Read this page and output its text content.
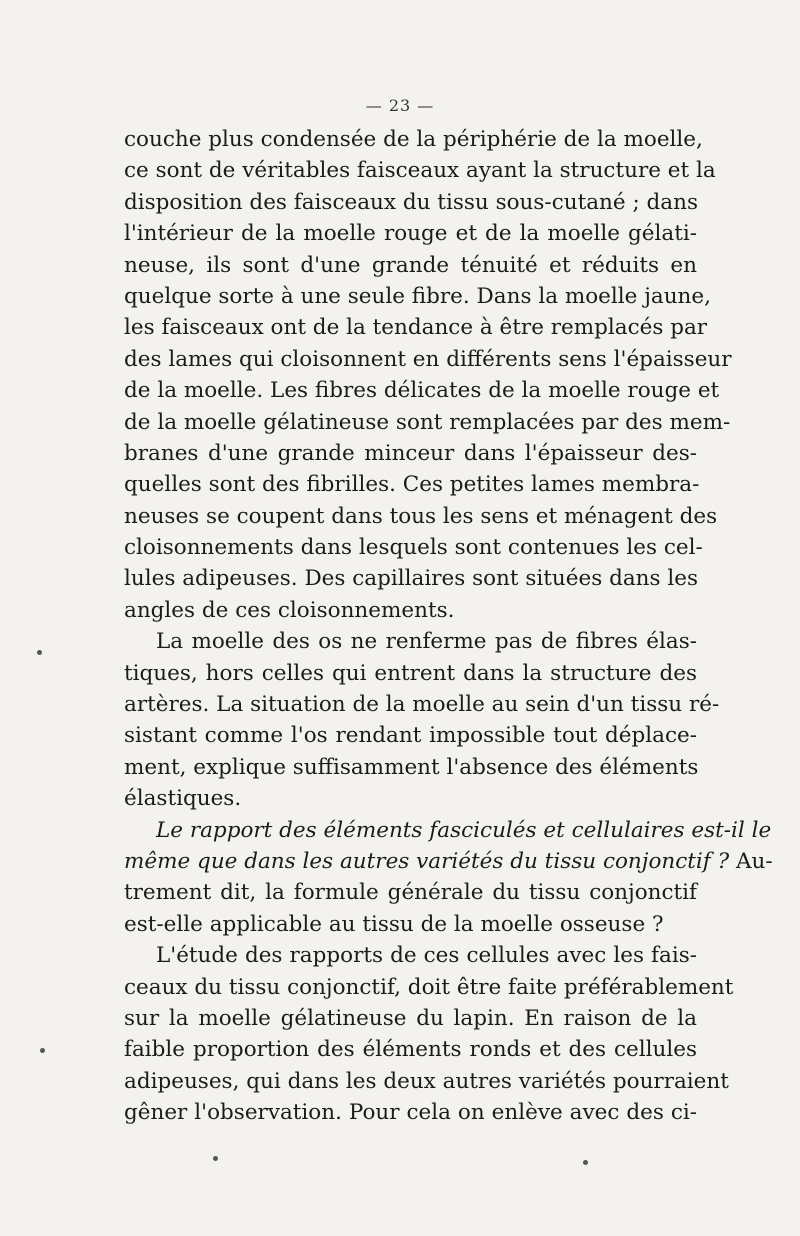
— 23 —
couche plus condensée de la périphérie de la moelle,
ce sont de véritables faisceaux ayant la structure et la
disposition des faisceaux du tissu sous-cutané ; dans
l'intérieur de la moelle rouge et de la moelle gélati-
neuse, ils sont d'une grande ténuité et réduits en
quelque sorte à une seule fibre. Dans la moelle jaune,
les faisceaux ont de la tendance à être remplacés par
des lames qui cloisonnent en différents sens l'épaisseur
de la moelle. Les fibres délicates de la moelle rouge et
de la moelle gélatineuse sont remplacées par des mem-
branes d'une grande minceur dans l'épaisseur des-
quelles sont des fibrilles. Ces petites lames membra-
neuses se coupent dans tous les sens et ménagent des
cloisonnements dans lesquels sont contenues les cel-
lules adipeuses. Des capillaires sont situées dans les
angles de ces cloisonnements.
La moelle des os ne renferme pas de fibres élas-
tiques, hors celles qui entrent dans la structure des
artères. La situation de la moelle au sein d'un tissu ré-
sistant comme l'os rendant impossible tout déplace-
ment, explique suffisamment l'absence des éléments
élastiques.
Le rapport des éléments fasciculés et cellulaires est-il le
même que dans les autres variétés du tissu conjonctif ? Au-
trement dit, la formule générale du tissu conjonctif
est-elle applicable au tissu de la moelle osseuse ?
L'étude des rapports de ces cellules avec les fais-
ceaux du tissu conjonctif, doit être faite préférablement
sur la moelle gélatineuse du lapin. En raison de la
faible proportion des éléments ronds et des cellules
adipeuses, qui dans les deux autres variétés pourraient
gêner l'observation. Pour cela on enlève avec des ci-
